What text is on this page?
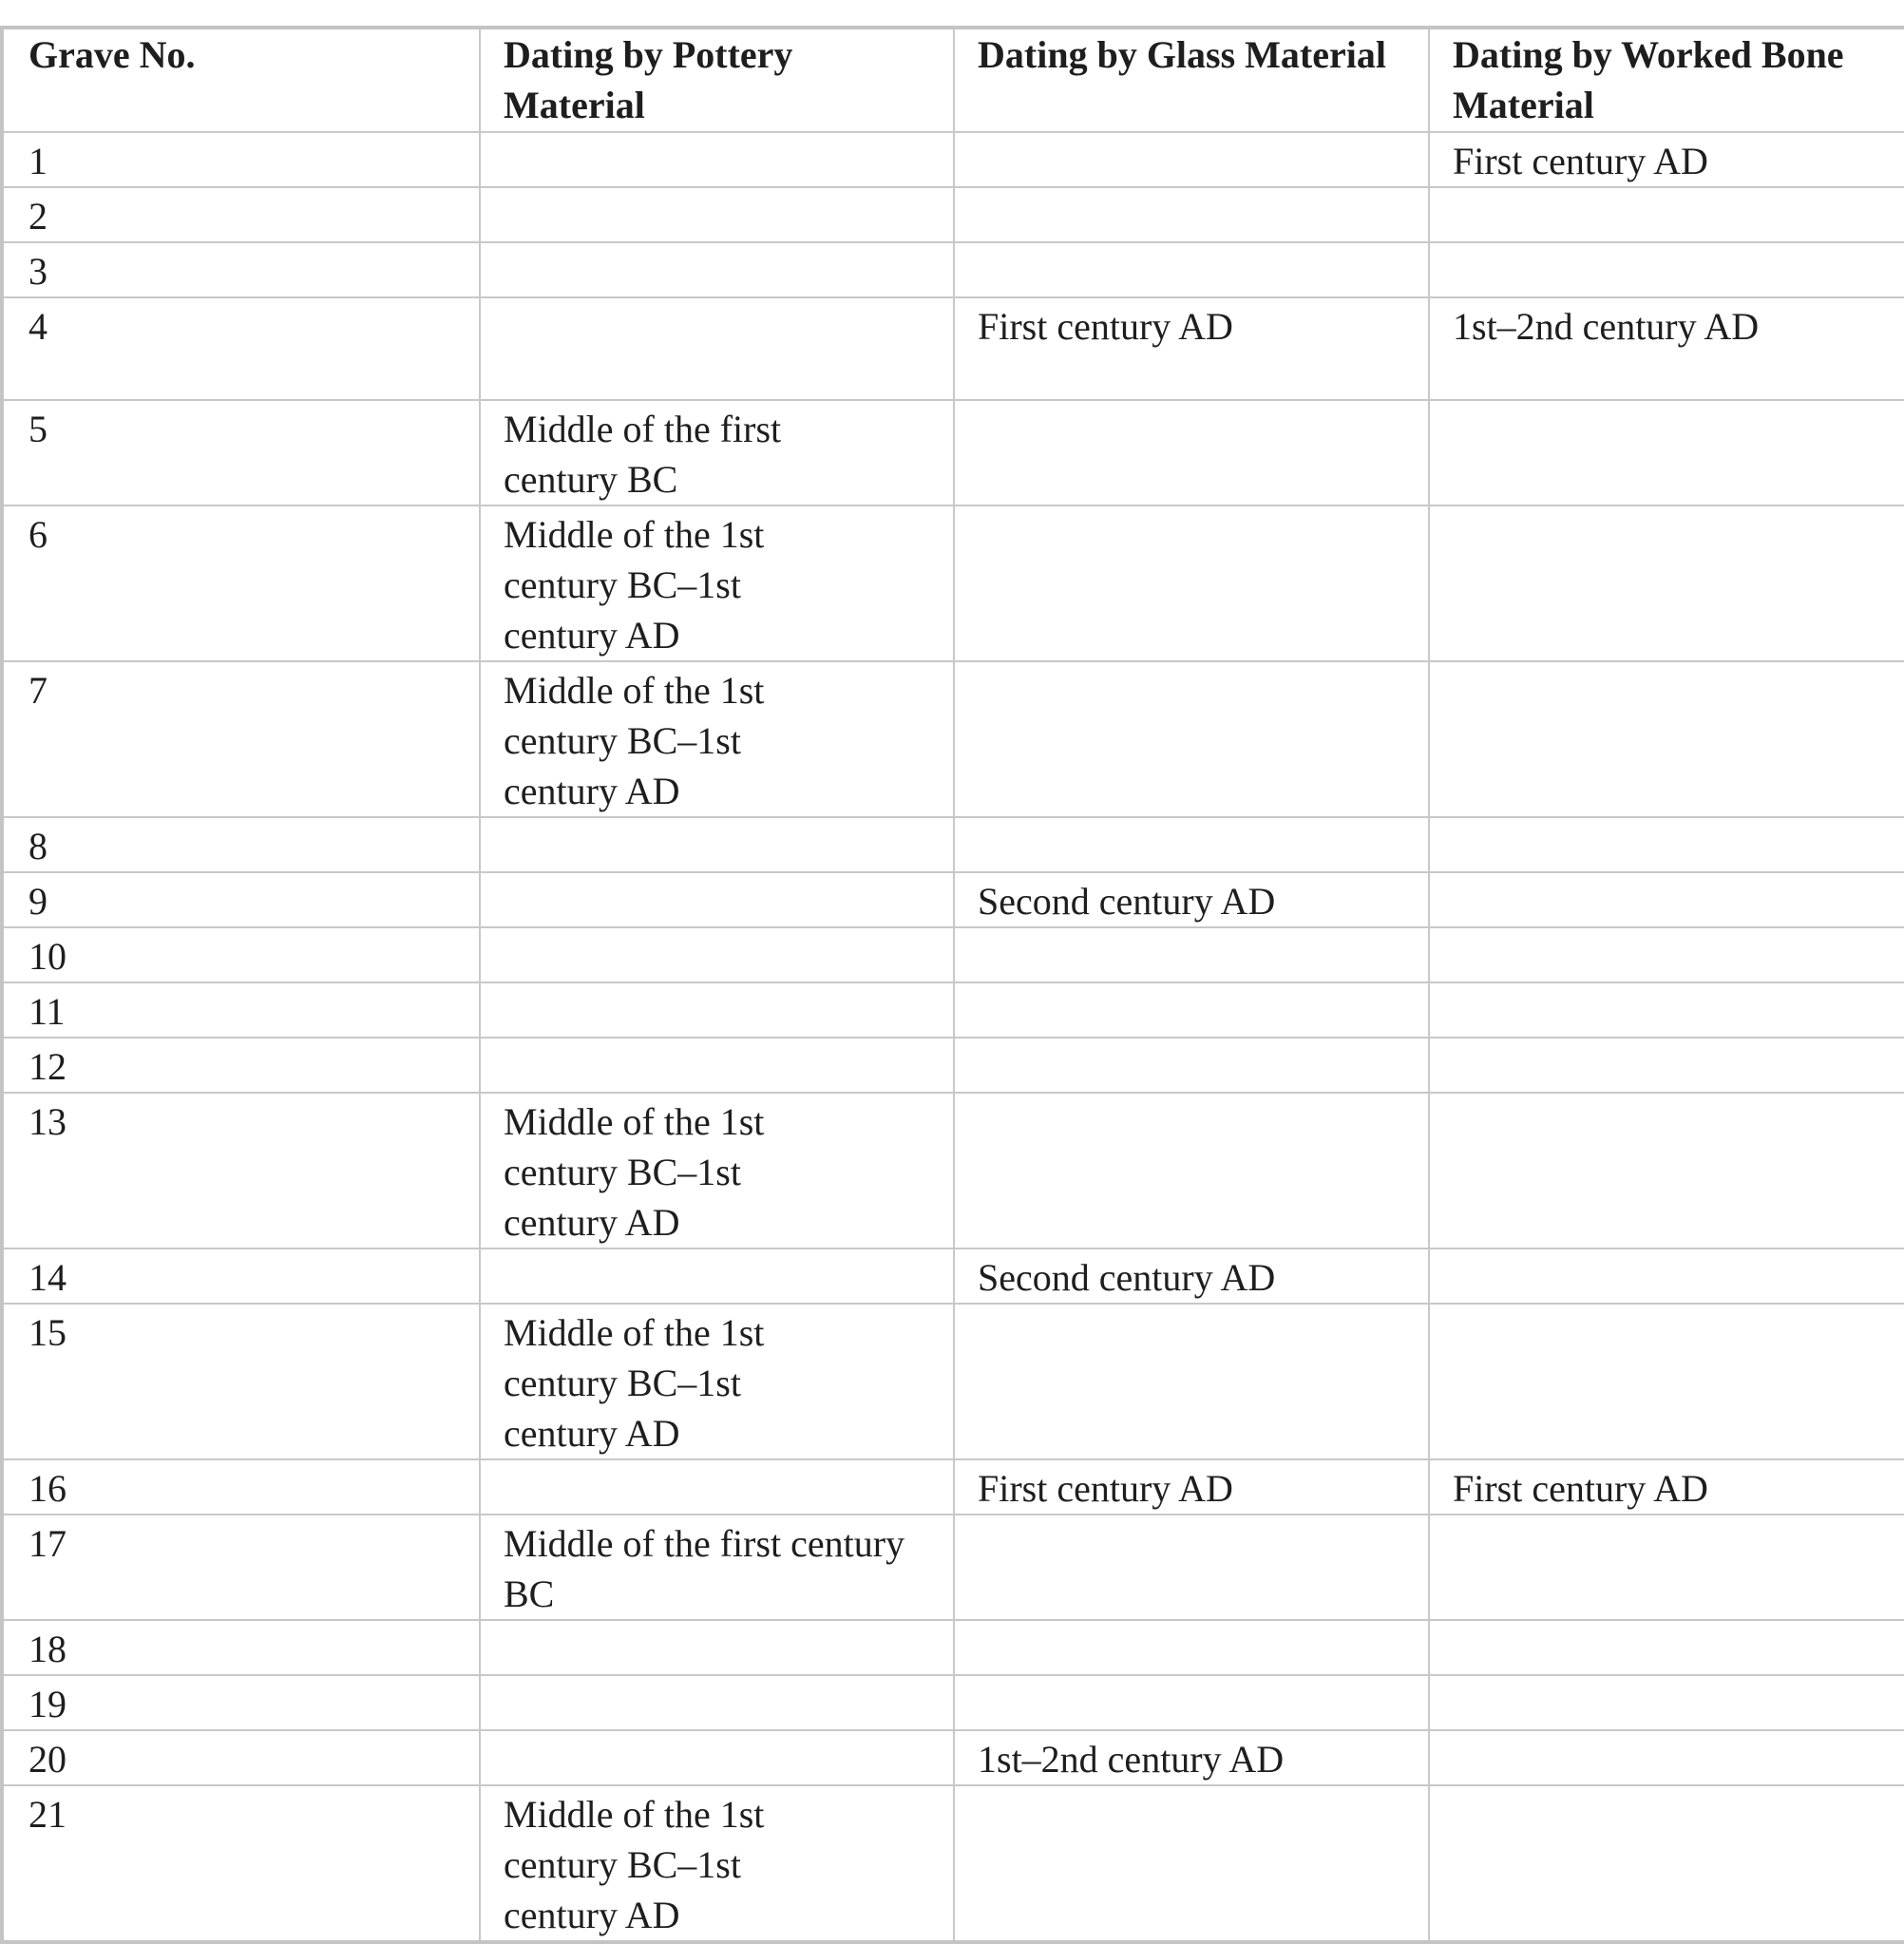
Grave No.	Dating by Pottery Material	Dating by Glass Material	Dating by Worked Bone Material
1			First century AD
2			
3			
4		First century AD	1st–2nd century AD
5	Middle of the first century BC		
6	Middle of the 1st century BC–1st century AD		
7	Middle of the 1st century BC–1st century AD		
8			
9		Second century AD	
10			
11			
12			
13	Middle of the 1st century BC–1st century AD		
14		Second century AD	
15	Middle of the 1st century BC–1st century AD		
16		First century AD	First century AD
17	Middle of the first century BC		
18			
19			
20		1st–2nd century AD	
21	Middle of the 1st century BC–1st century AD		
